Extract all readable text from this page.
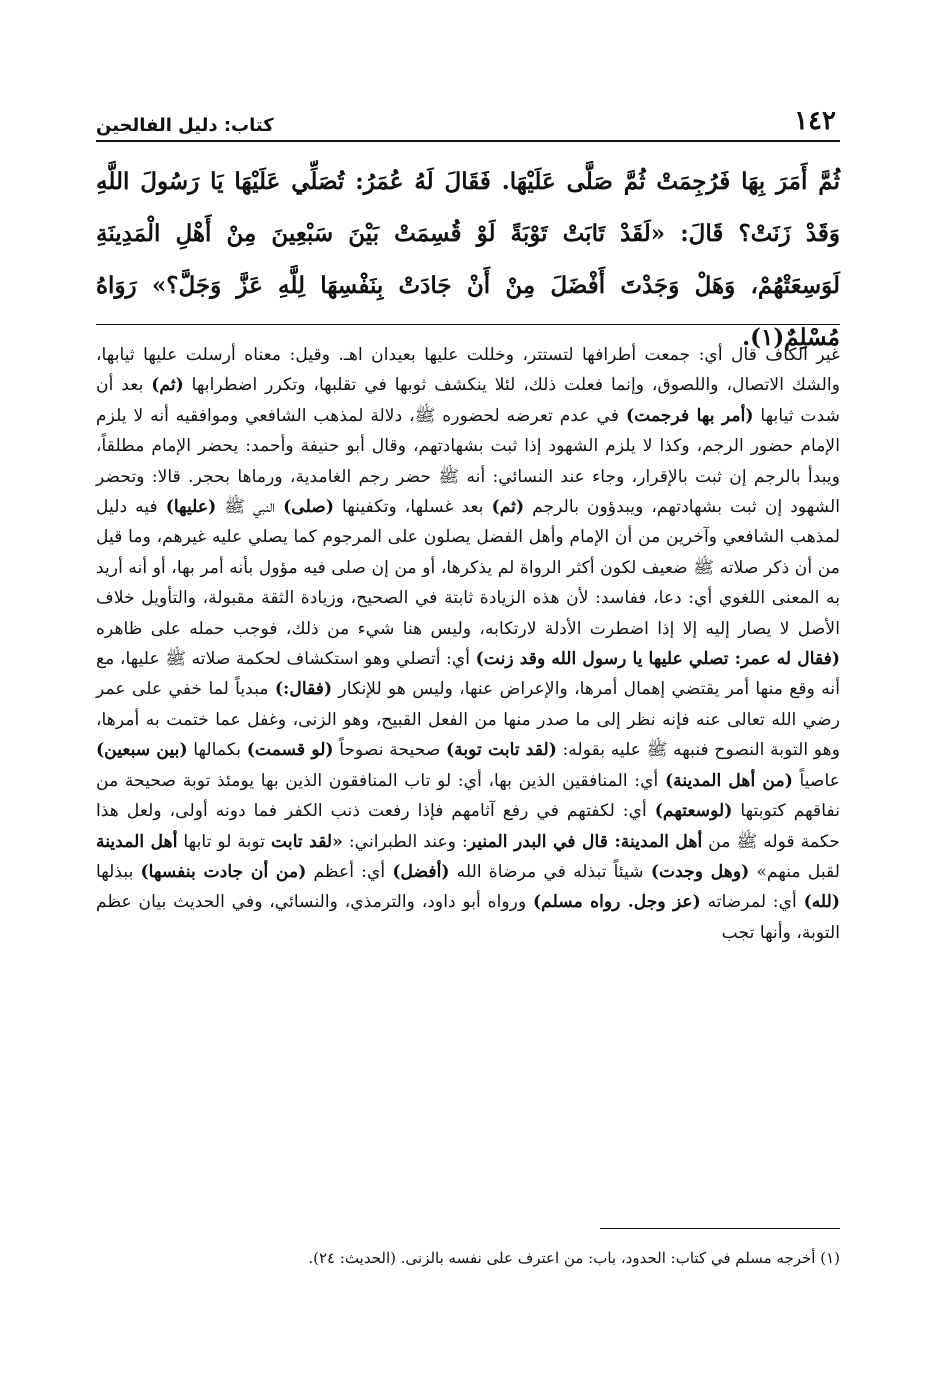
١٤٢
كتاب: دليل الفالحين
ثُمَّ أَمَرَ بِهَا فَرُجِمَتْ ثُمَّ صَلَّى عَلَيْهَا. فَقَالَ لَهُ عُمَرُ: تُصَلِّي عَلَيْهَا يَا رَسُولَ اللَّهِ وَقَدْ زَنَتْ؟ قَالَ: «لَقَدْ تَابَتْ تَوْبَةً لَوْ قُسِمَتْ بَيْنَ سَبْعِينَ مِنْ أَهْلِ الْمَدِينَةِ لَوَسِعَتْهُمْ، وَهَلْ وَجَدْتَ أَفْضَلَ مِنْ أَنْ جَادَتْ بِنَفْسِهَا لِلَّهِ عَزَّ وَجَلَّ؟» رَوَاهُ مُسْلِمٌ(١).

غير الكاف قال أي: جمعت أطرافها لتستتر، وخللت عليها بعيدان اهـ. وقيل: معناه أرسلت عليها ثيابها، والشك الاتصال، واللصوق، وإنما فعلت ذلك، لئلا ينكشف ثوبها في تقلبها، وتكرر اضطرابها (ثم) بعد أن شدت ثيابها (أمر بها فرجمت) في عدم تعرضه لحضوره ﷺ، دلالة لمذهب الشافعي وموافقيه أنه لا يلزم الإمام حضور الرجم، وكذا لا يلزم الشهود إذا ثبت بشهادتهم، وقال أبو حنيفة وأحمد: يحضر الإمام مطلقاً، ويبدأ بالرجم إن ثبت بالإقرار، وجاء عند النسائي: أنه ﷺ حضر رجم الغامدية، ورماها بحجر. قالا: وتحضر الشهود إن ثبت بشهادتهم، ويبدؤون بالرجم (ثم) بعد غسلها، وتكفينها (صلى) النبي ﷺ (عليها) فيه دليل لمذهب الشافعي وآخرين من أن الإمام وأهل الفضل يصلون على المرجوم كما يصلي عليه غيرهم، وما قيل من أن ذكر صلاته ﷺ ضعيف لكون أكثر الرواة لم يذكرها، أو من إن صلى فيه مؤول بأنه أمر بها، أو أنه أريد به المعنى اللغوي أي: دعا، ففاسد: لأن هذه الزيادة ثابتة في الصحيح، وزيادة الثقة مقبولة، والتأويل خلاف الأصل لا يصار إليه إلا إذا اضطرت الأدلة لارتكابه، وليس هنا شيء من ذلك، فوجب حمله على ظاهره (فقال له عمر: تصلي عليها يا رسول الله وقد زنت) أي: أتصلي وهو استكشاف لحكمة صلاته ﷺ عليها، مع أنه وقع منها أمر يقتضي إهمال أمرها، والإعراض عنها، وليس هو للإنكار (فقال:) مبدياً لما خفي على عمر رضي الله تعالى عنه فإنه نظر إلى ما صدر منها من الفعل القبيح، وهو الزنى، وغفل عما ختمت به أمرها، وهو التوبة النصوح فنبهه ﷺ عليه بقوله: (لقد تابت توبة) صحيحة نصوحاً (لو قسمت) بكمالها (بين سبعين) عاصياً (من أهل المدينة) أي: المنافقين الذين بها، أي: لو تاب المنافقون الذين بها يومئذ توبة صحيحة من نفاقهم كتوبتها (لوسعتهم) أي: لكفتهم في رفع آثامهم فإذا رفعت ذنب الكفر فما دونه أولى، ولعل هذا حكمة قوله ﷺ من أهل المدينة: قال في البدر المنير: وعند الطبراني: «لقد تابت توبة لو تابها أهل المدينة لقبل منهم» (وهل وجدت) شيئاً تبذله في مرضاة الله (أفضل) أي: أعظم (من أن جادت بنفسها) ببذلها (لله) أي: لمرضاته (عز وجل. رواه مسلم) ورواه أبو داود، والترمذي، والنسائي، وفي الحديث بيان عظم التوبة، وأنها تجب

(١) أخرجه مسلم في كتاب: الحدود، باب: من اعترف على نفسه بالزنى. (الحديث: ٢٤).
